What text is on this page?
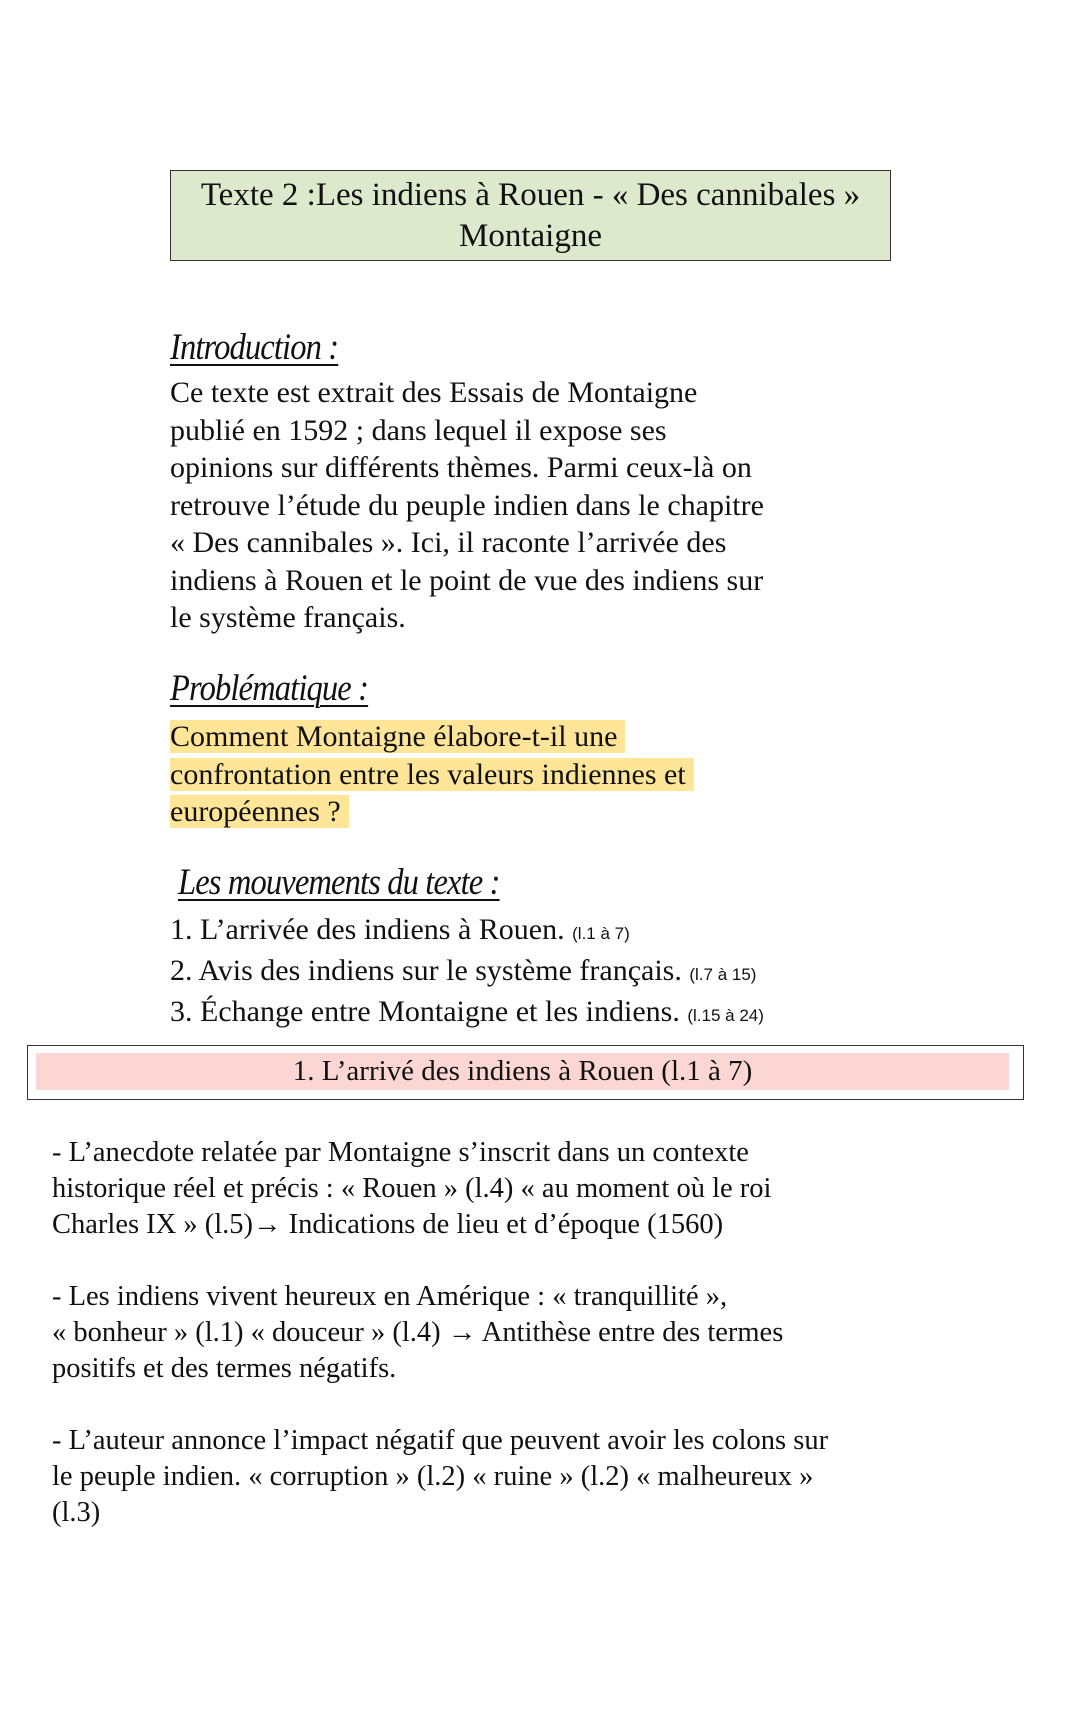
Texte 2 :Les indiens à Rouen - « Des cannibales »
Montaigne
Introduction :
Ce texte est extrait des Essais de Montaigne
publié en 1592 ; dans lequel il expose ses
opinions sur différents thèmes. Parmi ceux-là on
retrouve l’étude du peuple indien dans le chapitre
« Des cannibales ». Ici, il raconte l’arrivée des
indiens à Rouen et le point de vue des indiens sur
le système français.
Problématique :
Comment Montaigne élabore-t-il une
confrontation entre les valeurs indiennes et
européennes ?
Les mouvements du texte :
1. L’arrivée des indiens à Rouen. (l.1 à 7)
2. Avis des indiens sur le système français. (l.7 à 15)
3. Échange entre Montaigne et les indiens. (l.15 à 24)
1. L’arrivé des indiens à Rouen (l.1 à 7)
- L’anecdote relatée par Montaigne s’inscrit dans un contexte
historique réel et précis : « Rouen » (l.4) « au moment où le roi
Charles IX » (l.5)→ Indications de lieu et d’époque (1560)
- Les indiens vivent heureux en Amérique : « tranquillité »,
« bonheur » (l.1) « douceur » (l.4) → Antithèse entre des termes
positifs et des termes négatifs.
- L’auteur annonce l’impact négatif que peuvent avoir les colons sur
le peuple indien. « corruption » (l.2) « ruine » (l.2) « malheureux »
(l.3)
